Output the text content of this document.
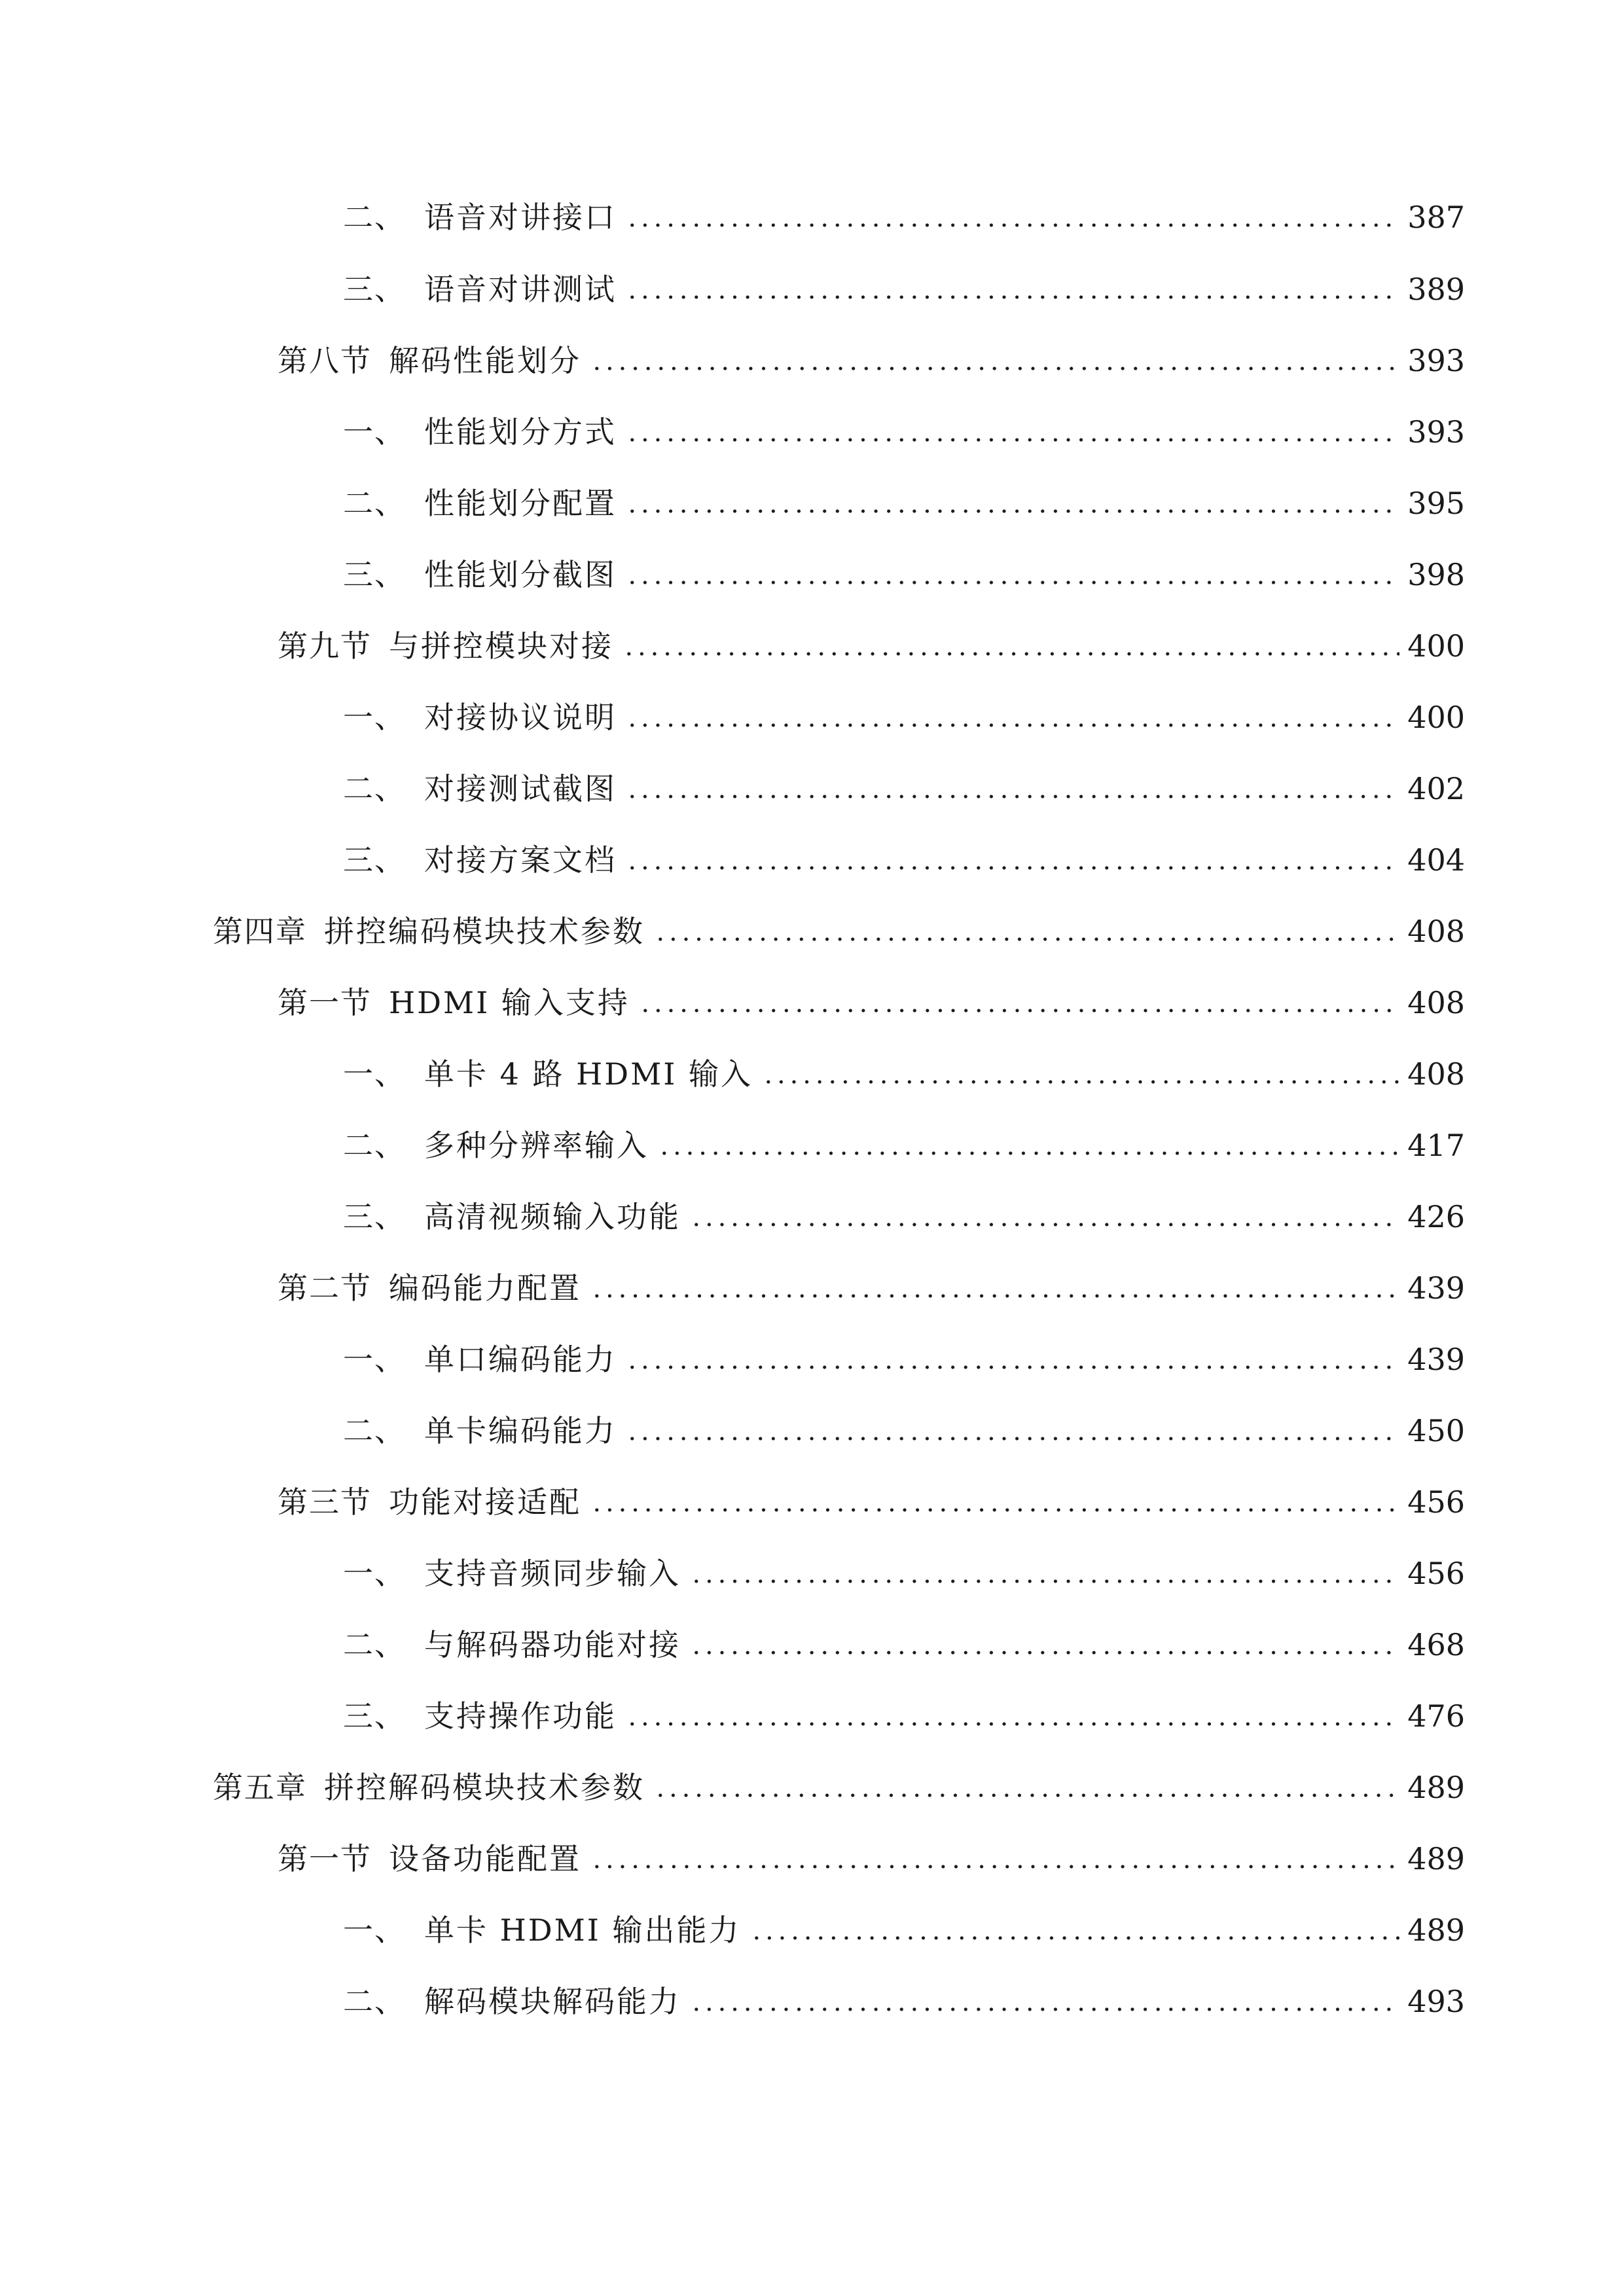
二、 语音对讲接口	387
三、 语音对讲测试	389
第八节 解码性能划分	393
一、 性能划分方式	393
二、 性能划分配置	395
三、 性能划分截图	398
第九节 与拼控模块对接	400
一、 对接协议说明	400
二、 对接测试截图	402
三、 对接方案文档	404
第四章 拼控编码模块技术参数	408
第一节 HDMI 输入支持	408
一、 单卡 4 路 HDMI 输入	408
二、 多种分辨率输入	417
三、 高清视频输入功能	426
第二节 编码能力配置	439
一、 单口编码能力	439
二、 单卡编码能力	450
第三节 功能对接适配	456
一、 支持音频同步输入	456
二、 与解码器功能对接	468
三、 支持操作功能	476
第五章 拼控解码模块技术参数	489
第一节 设备功能配置	489
一、 单卡 HDMI 输出能力	489
二、 解码模块解码能力	493
